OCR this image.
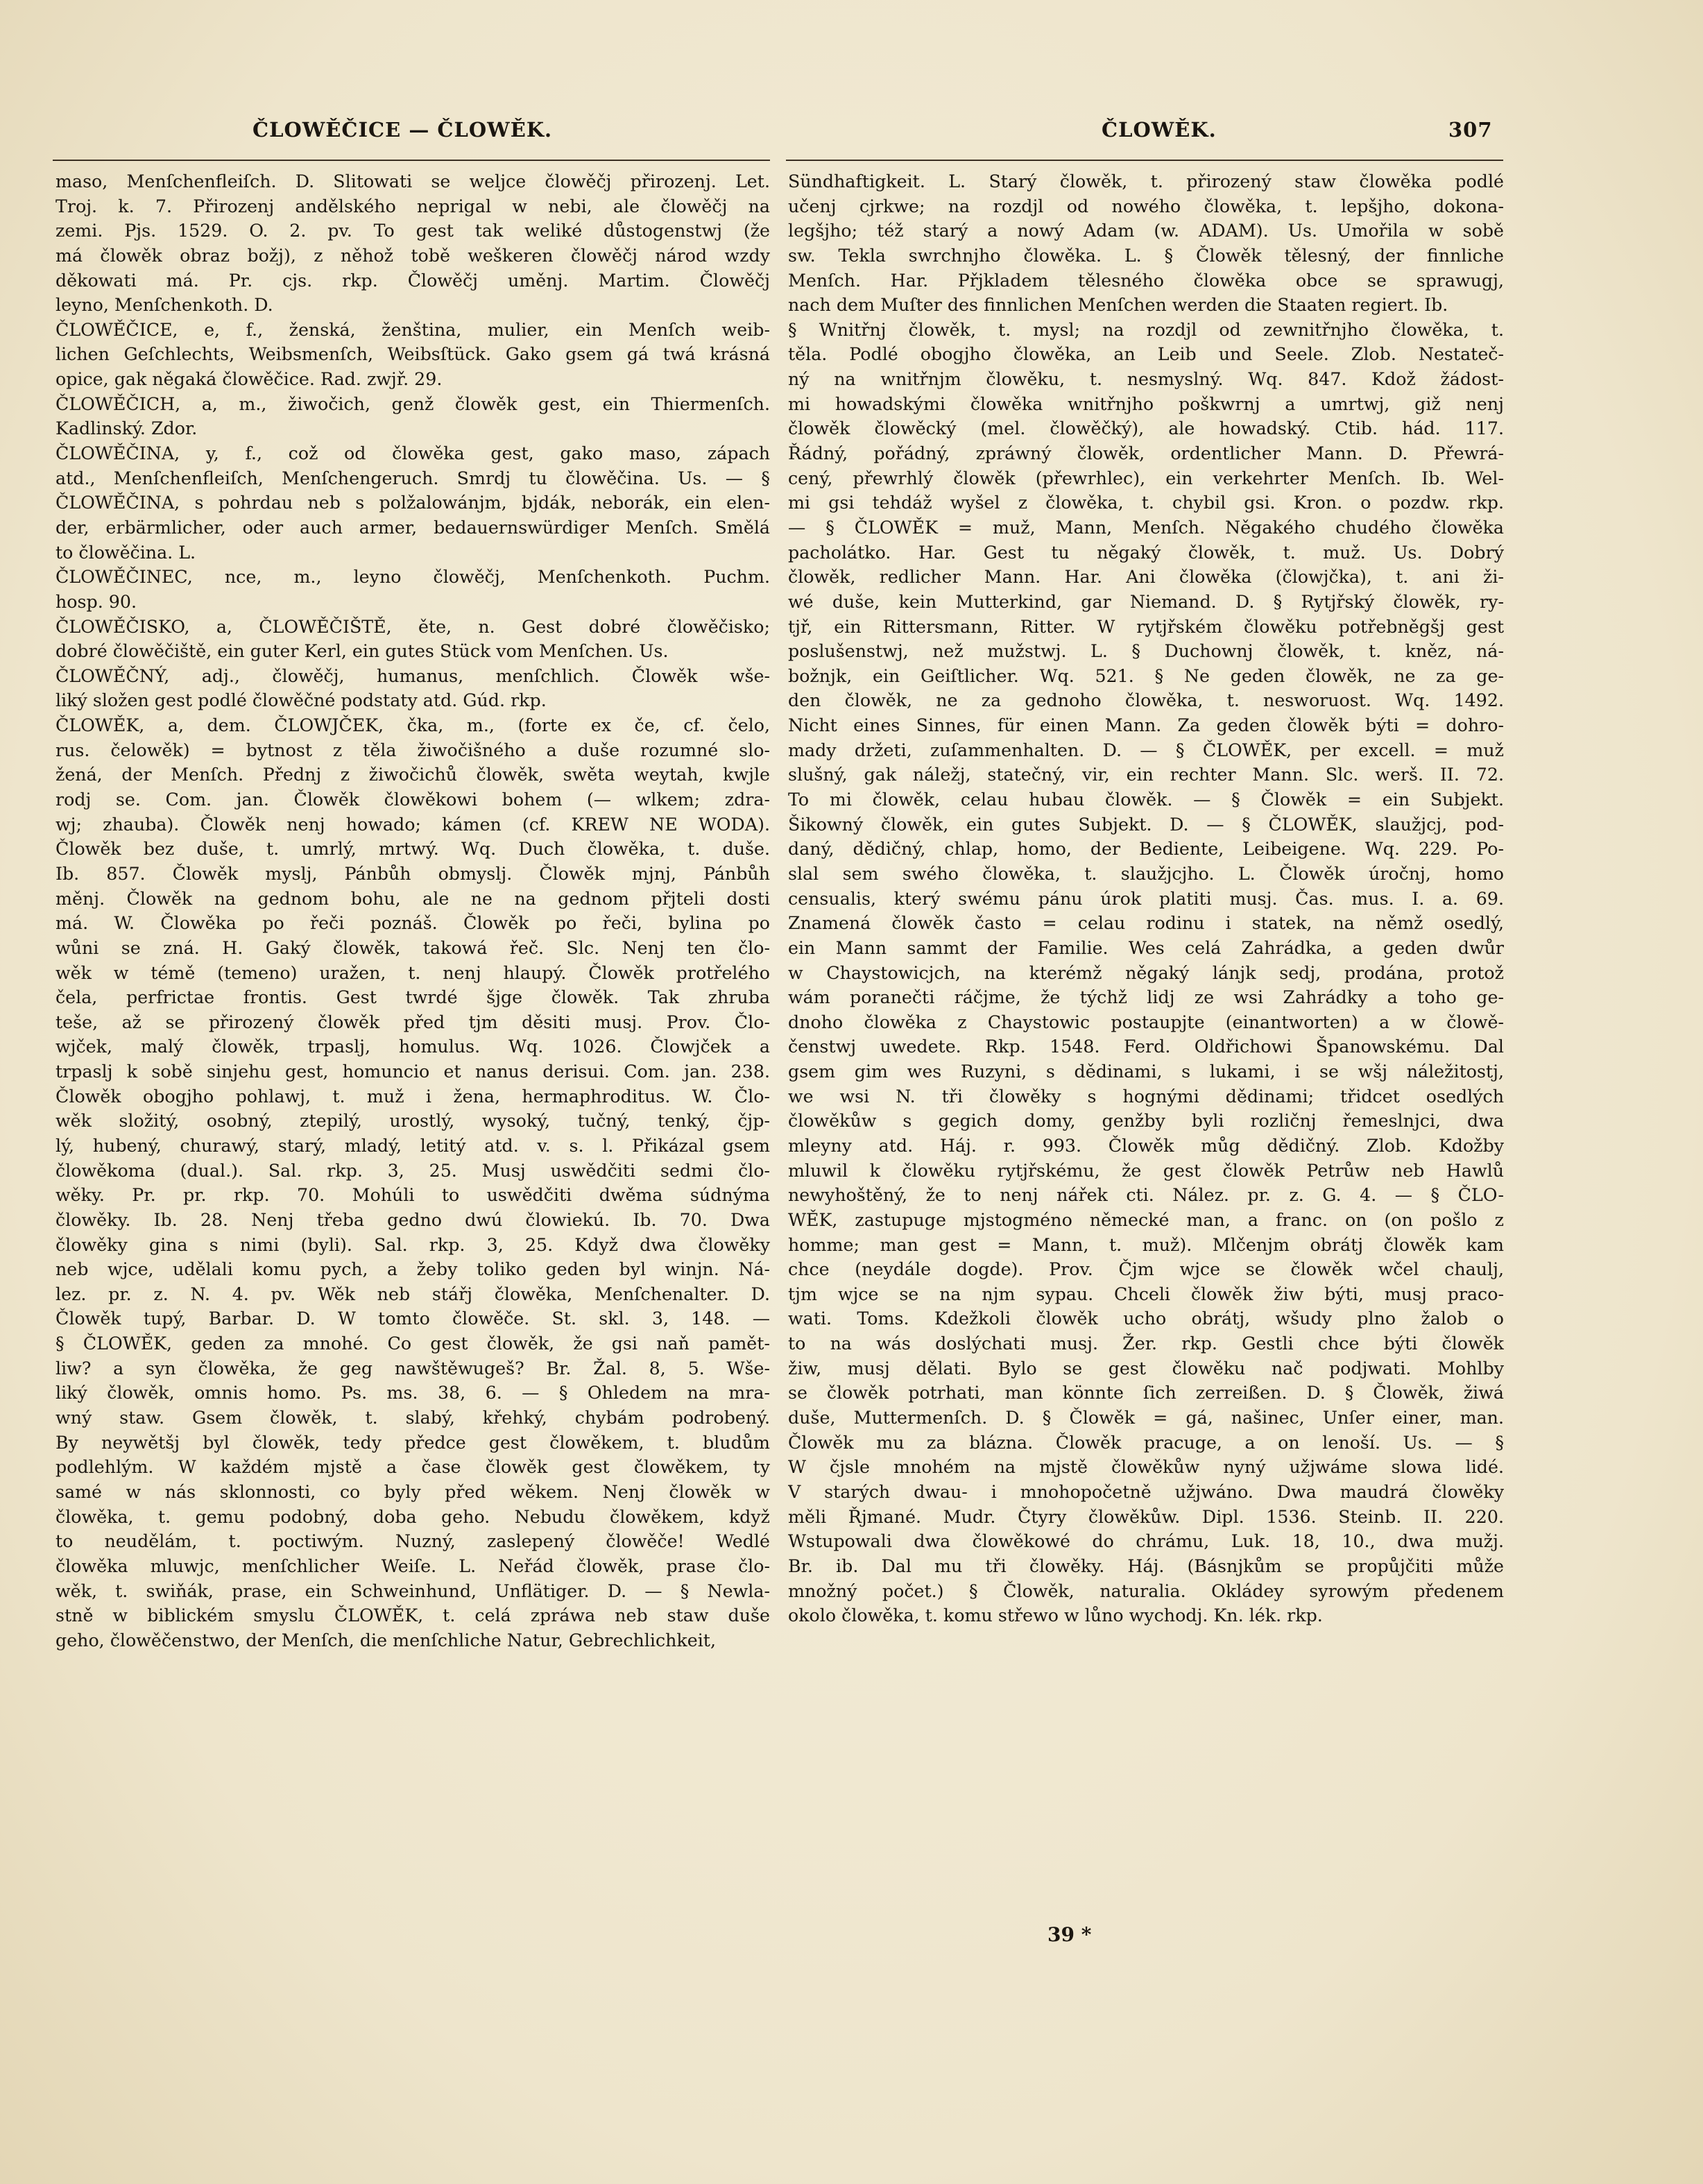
ČLOWĚČICE — ČLOWĚK.	ČLOWĚK.	307
maso, Menſchenfleiſch. D. Slitowati se weljce člowěčj přirozenj. Let.
Troj. k. 7. Přirozenj andělského neprigal w nebi, ale člowěčj na
zemi. Pjs. 1529. O. 2. pv. To gest tak weliké důstogenstwj (že
má člowěk obraz božj), z něhož tobě weškeren člowěčj národ wzdy
děkowati má. Pr. cjs. rkp. Člowěčj uměnj. Martim. Člowěčj
leyno, Menſchenkoth. D.
ČLOWĚČICE, e, f., ženská, ženština, mulier, ein Menſch weib-
lichen Geſchlechts, Weibsmenſch, Weibsſtück. Gako gsem gá twá krásná
opice, gak něgaká člowěčice. Rad. zwjř. 29.
ČLOWĚČICH, a, m., žiwočich, genž člowěk gest, ein Thiermenſch.
Kadlinský. Zdor.
ČLOWĚČINA, y, f., což od člowěka gest, gako maso, zápach
atd., Menſchenfleiſch, Menſchengeruch. Smrdj tu člowěčina. Us. — §
ČLOWĚČINA, s pohrdau neb s polžalowánjm, bjdák, neborák, ein elen-
der, erbärmlicher, oder auch armer, bedauernswürdiger Menſch. Smělá
to člowěčina. L.
ČLOWĚČINEC, nce, m., leyno člowěčj, Menſchenkoth. Puchm.
hosp. 90.
ČLOWĚČISKO, a, ČLOWĚČIŠTĚ, ěte, n. Gest dobré člowěčisko;
dobré člowěčiště, ein guter Kerl, ein gutes Stück vom Menſchen. Us.
ČLOWĚČNÝ, adj., člowěčj, humanus, menſchlich. Člowěk wše-
liký složen gest podlé člowěčné podstaty atd. Gúd. rkp.
ČLOWĚK, a, dem. ČLOWJČEK, čka, m., (forte ex če, cf. čelo,
rus. čelowěk) = bytnost z těla žiwočišného a duše rozumné slo-
žená, der Menſch. Přednj z žiwočichů člowěk, swěta weytah, kwjle
rodj se. Com. jan. Člowěk člowěkowi bohem (— wlkem; zdra-
wj; zhauba). Člowěk nenj howado; kámen (cf. KREW NE WODA).
Člowěk bez duše, t. umrlý, mrtwý. Wq. Duch člowěka, t. duše.
Ib. 857. Člowěk myslj, Pánbůh obmyslj. Člowěk mjnj, Pánbůh
měnj. Člowěk na gednom bohu, ale ne na gednom přjteli dosti
má. W. Člowěka po řeči poznáš. Člowěk po řeči, bylina po
wůni se zná. H. Gaký člowěk, takowá řeč. Slc. Nenj ten člo-
wěk w témě (temeno) uražen, t. nenj hlaupý. Člowěk protřelého
čela, perfrictae frontis. Gest twrdé šjge člowěk. Tak zhruba
teše, až se přirozený člowěk před tjm děsiti musj. Prov. Člo-
wjček, malý člowěk, trpaslj, homulus. Wq. 1026. Člowjček a
trpaslj k sobě sinjehu gest, homuncio et nanus derisui. Com. jan. 238.
Člowěk obogjho pohlawj, t. muž i žena, hermaphroditus. W. Člo-
wěk složitý, osobný, ztepilý, urostlý, wysoký, tučný, tenký, čjp-
lý, hubený, churawý, starý, mladý, letitý atd. v. s. l. Přikázal gsem
člowěkoma (dual.). Sal. rkp. 3, 25. Musj uswědčiti sedmi člo-
wěky. Pr. pr. rkp. 70. Mohúli to uswědčiti dwěma súdnýma
člowěky. Ib. 28. Nenj třeba gedno dwú člowiekú. Ib. 70. Dwa
člowěky gina s nimi (byli). Sal. rkp. 3, 25. Když dwa člowěky
neb wjce, udělali komu pych, a žeby toliko geden byl winjn. Ná-
lez. pr. z. N. 4. pv. Wěk neb stářj člowěka, Menſchenalter. D.
Člowěk tupý, Barbar. D. W tomto člowěče. St. skl. 3, 148. —
§ ČLOWĚK, geden za mnohé. Co gest člowěk, že gsi naň pamět-
liw? a syn člowěka, že geg nawštěwugeš? Br. Žal. 8, 5. Wše-
liký člowěk, omnis homo. Ps. ms. 38, 6. — § Ohledem na mra-
wný staw. Gsem člowěk, t. slabý, křehký, chybám podrobený.
By neywětšj byl člowěk, tedy předce gest člowěkem, t. bludům
podlehlým. W každém mjstě a čase člowěk gest člowěkem, ty
samé w nás sklonnosti, co byly před wěkem. Nenj člowěk w
člowěka, t. gemu podobný, doba geho. Nebudu člowěkem, když
to neudělám, t. poctiwým. Nuzný, zaslepený člowěče! Wedlé
člowěka mluwjc, menſchlicher Weiſe. L. Neřád člowěk, prase člo-
wěk, t. swiňák, prase, ein Schweinhund, Unflätiger. D. — § Newla-
stně w biblickém smyslu ČLOWĚK, t. celá zpráwa neb staw duše
geho, člowěčenstwo, der Menſch, die menſchliche Natur, Gebrechlichkeit,
Sündhaftigkeit. L. Starý člowěk, t. přirozený staw člowěka podlé
učenj cjrkwe; na rozdjl od nowého člowěka, t. lepšjho, dokona-
legšjho; též starý a nowý Adam (w. ADAM). Us. Umořila w sobě
sw. Tekla swrchnjho člowěka. L. § Člowěk tělesný, der finnliche
Menſch. Har. Přjkladem tělesného člowěka obce se sprawugj,
nach dem Muſter des finnlichen Menſchen werden die Staaten regiert. Ib.
§ Wnitřnj člowěk, t. mysl; na rozdjl od zewnitřnjho člowěka, t.
těla. Podlé obogjho člowěka, an Leib und Seele. Zlob. Nestateč-
ný na wnitřnjm člowěku, t. nesmyslný. Wq. 847. Kdož žádost-
mi howadskými člowěka wnitřnjho poškwrnj a umrtwj, giž nenj
člowěk člowěcký (mel. člowěčký), ale howadský. Ctib. hád. 117.
Řádný, pořádný, zpráwný člowěk, ordentlicher Mann. D. Přewrá-
cený, přewrhlý člowěk (přewrhlec), ein verkehrter Menſch. Ib. Wel-
mi gsi tehdáž wyšel z člowěka, t. chybil gsi. Kron. o pozdw. rkp.
— § ČLOWĚK = muž, Mann, Menſch. Něgakého chudého člowěka
pacholátko. Har. Gest tu něgaký člowěk, t. muž. Us. Dobrý
člowěk, redlicher Mann. Har. Ani člowěka (člowjčka), t. ani ži-
wé duše, kein Mutterkind, gar Niemand. D. § Rytjřský člowěk, ry-
tjř, ein Rittersmann, Ritter. W rytjřském člowěku potřebněgšj gest
poslušenstwj, než mužstwj. L. § Duchownj člowěk, t. kněz, ná-
božnjk, ein Geiſtlicher. Wq. 521. § Ne geden člowěk, ne za ge-
den člowěk, ne za gednoho člowěka, t. nesworuost. Wq. 1492.
Nicht eines Sinnes, für einen Mann. Za geden člowěk býti = dohro-
mady držeti, zuſammenhalten. D. — § ČLOWĚK, per excell. = muž
slušný, gak náležj, statečný, vir, ein rechter Mann. Slc. werš. II. 72.
To mi člowěk, celau hubau člowěk. — § Člowěk = ein Subjekt.
Šikowný člowěk, ein gutes Subjekt. D. — § ČLOWĚK, slaužjcj, pod-
daný, dědičný, chlap, homo, der Bediente, Leibeigene. Wq. 229. Po-
slal sem swého člowěka, t. slaužjcjho. L. Člowěk úročnj, homo
censualis, který swému pánu úrok platiti musj. Čas. mus. I. a. 69.
Znamená člowěk často = celau rodinu i statek, na němž osedlý,
ein Mann sammt der Familie. Wes celá Zahrádka, a geden dwůr
w Chaystowicjch, na kterémž něgaký lánjk sedj, prodána, protož
wám poranečti ráčjme, že týchž lidj ze wsi Zahrádky a toho ge-
dnoho člowěka z Chaystowic postaupjte (einantworten) a w člowě-
čenstwj uwedete. Rkp. 1548. Ferd. Oldřichowi Španowskému. Dal
gsem gim wes Ruzyni, s dědinami, s lukami, i se wšj náležitostj,
we wsi N. tři člowěky s hognými dědinami; třidcet osedlých
člowěkůw s gegich domy, genžby byli rozličnj řemeslnjci, dwa
mleyny atd. Háj. r. 993. Člowěk můg dědičný. Zlob. Kdožby
mluwil k člowěku rytjřskému, že gest člowěk Petrůw neb Hawlů
newyhoštěný, že to nenj nářek cti. Nález. pr. z. G. 4. — § ČLO-
WĚK, zastupuge mjstogméno německé man, a franc. on (on pošlo z
homme; man gest = Mann, t. muž). Mlčenjm obrátj člowěk kam
chce (neydále dogde). Prov. Čjm wjce se člowěk wčel chaulj,
tjm wjce se na njm sypau. Chceli člowěk žiw býti, musj praco-
wati. Toms. Kdežkoli člowěk ucho obrátj, wšudy plno žalob o
to na wás doslýchati musj. Žer. rkp. Gestli chce býti člowěk
žiw, musj dělati. Bylo se gest člowěku nač podjwati. Mohlby
se člowěk potrhati, man könnte ſich zerreißen. D. § Člowěk, žiwá
duše, Muttermenſch. D. § Člowěk = gá, našinec, Unſer einer, man.
Člowěk mu za blázna. Člowěk pracuge, a on lenoší. Us. — §
W čjsle mnohém na mjstě člowěkůw nyný užjwáme slowa lidé.
V starých dwau- i mnohopočetně užjwáno. Dwa maudrá člowěky
měli Řjmané. Mudr. Čtyry člowěkůw. Dipl. 1536. Steinb. II. 220.
Wstupowali dwa člowěkowé do chrámu, Luk. 18, 10., dwa mužj.
Br. ib. Dal mu tři člowěky. Háj. (Básnjkům se propůjčiti může
množný počet.) § Člowěk, naturalia. Okládey syrowým předenem
okolo člowěka, t. komu střewo w lůno wychodj. Kn. lék. rkp.
39 *
